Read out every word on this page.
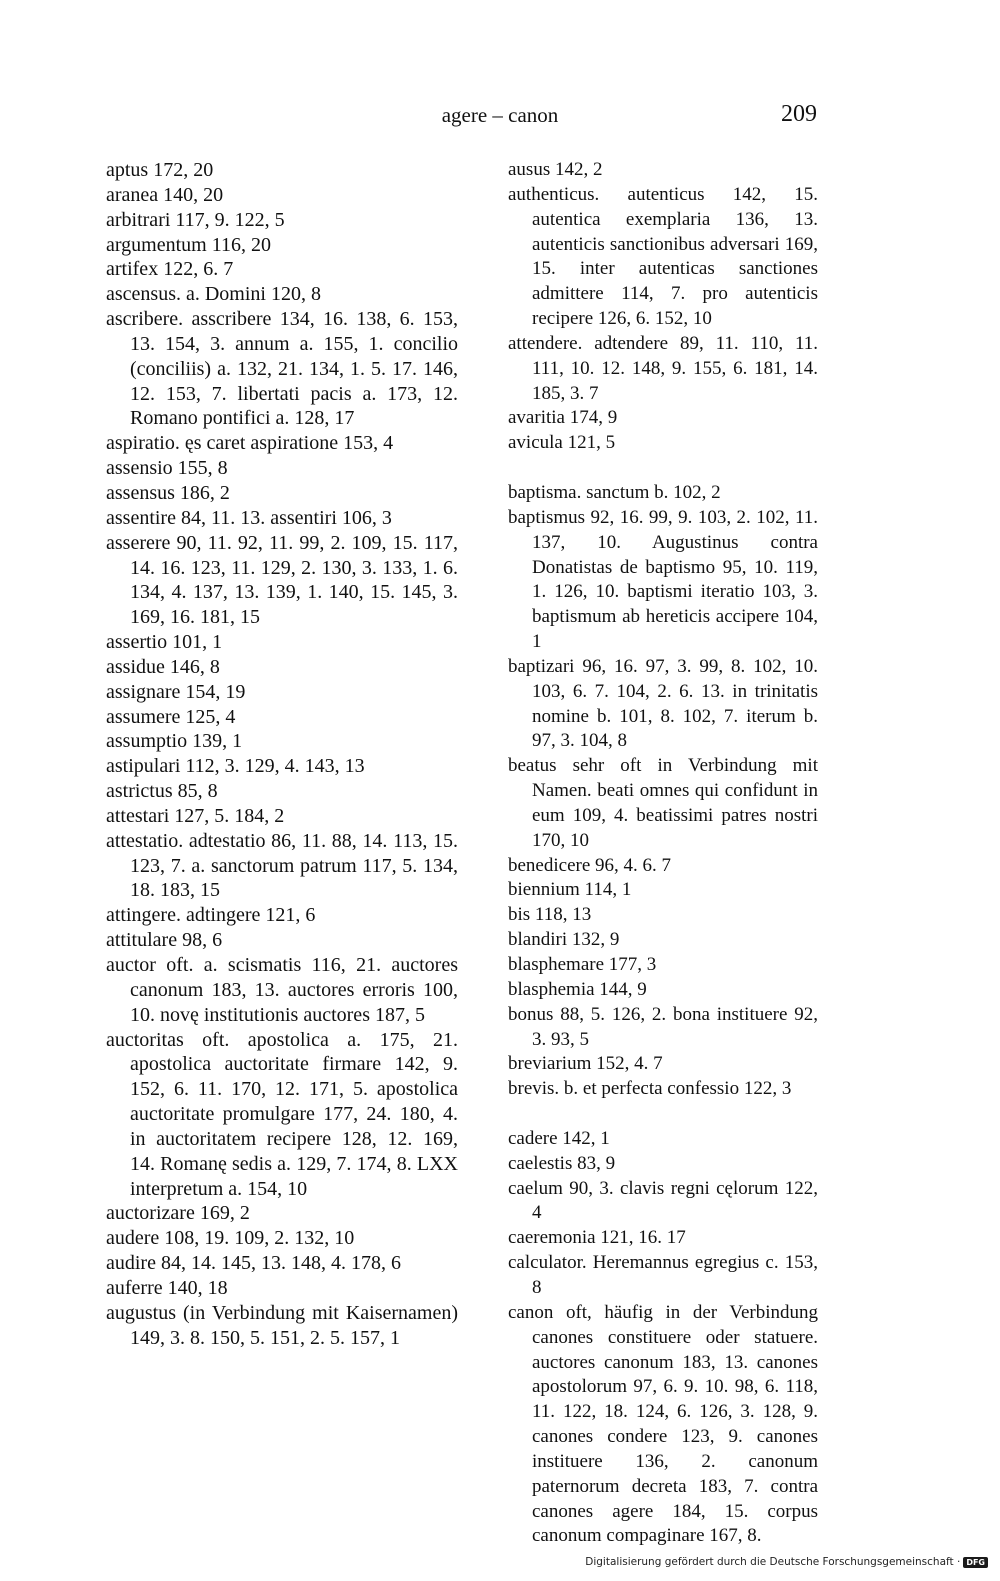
agere – canon	209
aptus 172, 20
aranea 140, 20
arbitrari 117, 9. 122, 5
argumentum 116, 20
artifex 122, 6. 7
ascensus. a. Domini 120, 8
ascribere. asscribere 134, 16. 138, 6. 153, 13. 154, 3. annum a. 155, 1. concilio (conciliis) a. 132, 21. 134, 1. 5. 17. 146, 12. 153, 7. libertati pacis a. 173, 12. Romano pontifici a. 128, 17
aspiratio. ęs caret aspiratione 153, 4
assensio 155, 8
assensus 186, 2
assentire 84, 11. 13. assentiri 106, 3
asserere 90, 11. 92, 11. 99, 2. 109, 15. 117, 14. 16. 123, 11. 129, 2. 130, 3. 133, 1. 6. 134, 4. 137, 13. 139, 1. 140, 15. 145, 3. 169, 16. 181, 15
assertio 101, 1
assidue 146, 8
assignare 154, 19
assumere 125, 4
assumptio 139, 1
astipulari 112, 3. 129, 4. 143, 13
astrictus 85, 8
attestari 127, 5. 184, 2
attestatio. adtestatio 86, 11. 88, 14. 113, 15. 123, 7. a. sanctorum patrum 117, 5. 134, 18. 183, 15
attingere. adtingere 121, 6
attitulare 98, 6
auctor oft. a. scismatis 116, 21. auctores canonum 183, 13. auctores erroris 100, 10. novę institutionis auctores 187, 5
auctoritas oft. apostolica a. 175, 21. apostolica auctoritate firmare 142, 9. 152, 6. 11. 170, 12. 171, 5. apostolica auctoritate promulgare 177, 24. 180, 4. in auctoritatem recipere 128, 12. 169, 14. Romanę sedis a. 129, 7. 174, 8. LXX interpretum a. 154, 10
auctorizare 169, 2
audere 108, 19. 109, 2. 132, 10
audire 84, 14. 145, 13. 148, 4. 178, 6
auferre 140, 18
augustus (in Verbindung mit Kaisernamen) 149, 3. 8. 150, 5. 151, 2. 5. 157, 1
ausus 142, 2
authenticus. autenticus 142, 15. autentica exemplaria 136, 13. autenticis sanctionibus adversari 169, 15. inter autenticas sanctiones admittere 114, 7. pro autenticis recipere 126, 6. 152, 10
attendere. adtendere 89, 11. 110, 11. 111, 10. 12. 148, 9. 155, 6. 181, 14. 185, 3. 7
avaritia 174, 9
avicula 121, 5
baptisma. sanctum b. 102, 2
baptismus 92, 16. 99, 9. 103, 2. 102, 11. 137, 10. Augustinus contra Donatistas de baptismo 95, 10. 119, 1. 126, 10. baptismi iteratio 103, 3. baptismum ab hereticis accipere 104, 1
baptizari 96, 16. 97, 3. 99, 8. 102, 10. 103, 6. 7. 104, 2. 6. 13. in trinitatis nomine b. 101, 8. 102, 7. iterum b. 97, 3. 104, 8
beatus sehr oft in Verbindung mit Namen. beati omnes qui confidunt in eum 109, 4. beatissimi patres nostri 170, 10
benedicere 96, 4. 6. 7
biennium 114, 1
bis 118, 13
blandiri 132, 9
blasphemare 177, 3
blasphemia 144, 9
bonus 88, 5. 126, 2. bona instituere 92, 3. 93, 5
breviarium 152, 4. 7
brevis. b. et perfecta confessio 122, 3
cadere 142, 1
caelestis 83, 9
caelum 90, 3. clavis regni cęlorum 122, 4
caeremonia 121, 16. 17
calculator. Heremannus egregius c. 153, 8
canon oft, häufig in der Verbindung canones constituere oder statuere. auctores canonum 183, 13. canones apostolorum 97, 6. 9. 10. 98, 6. 118, 11. 122, 18. 124, 6. 126, 3. 128, 9. canones condere 123, 9. canones instituere 136, 2. canonum paternorum decreta 183, 7. contra canones agere 184, 15. corpus canonum compaginare 167, 8.
Digitalisierung gefördert durch die Deutsche Forschungsgemeinschaft · DFG
